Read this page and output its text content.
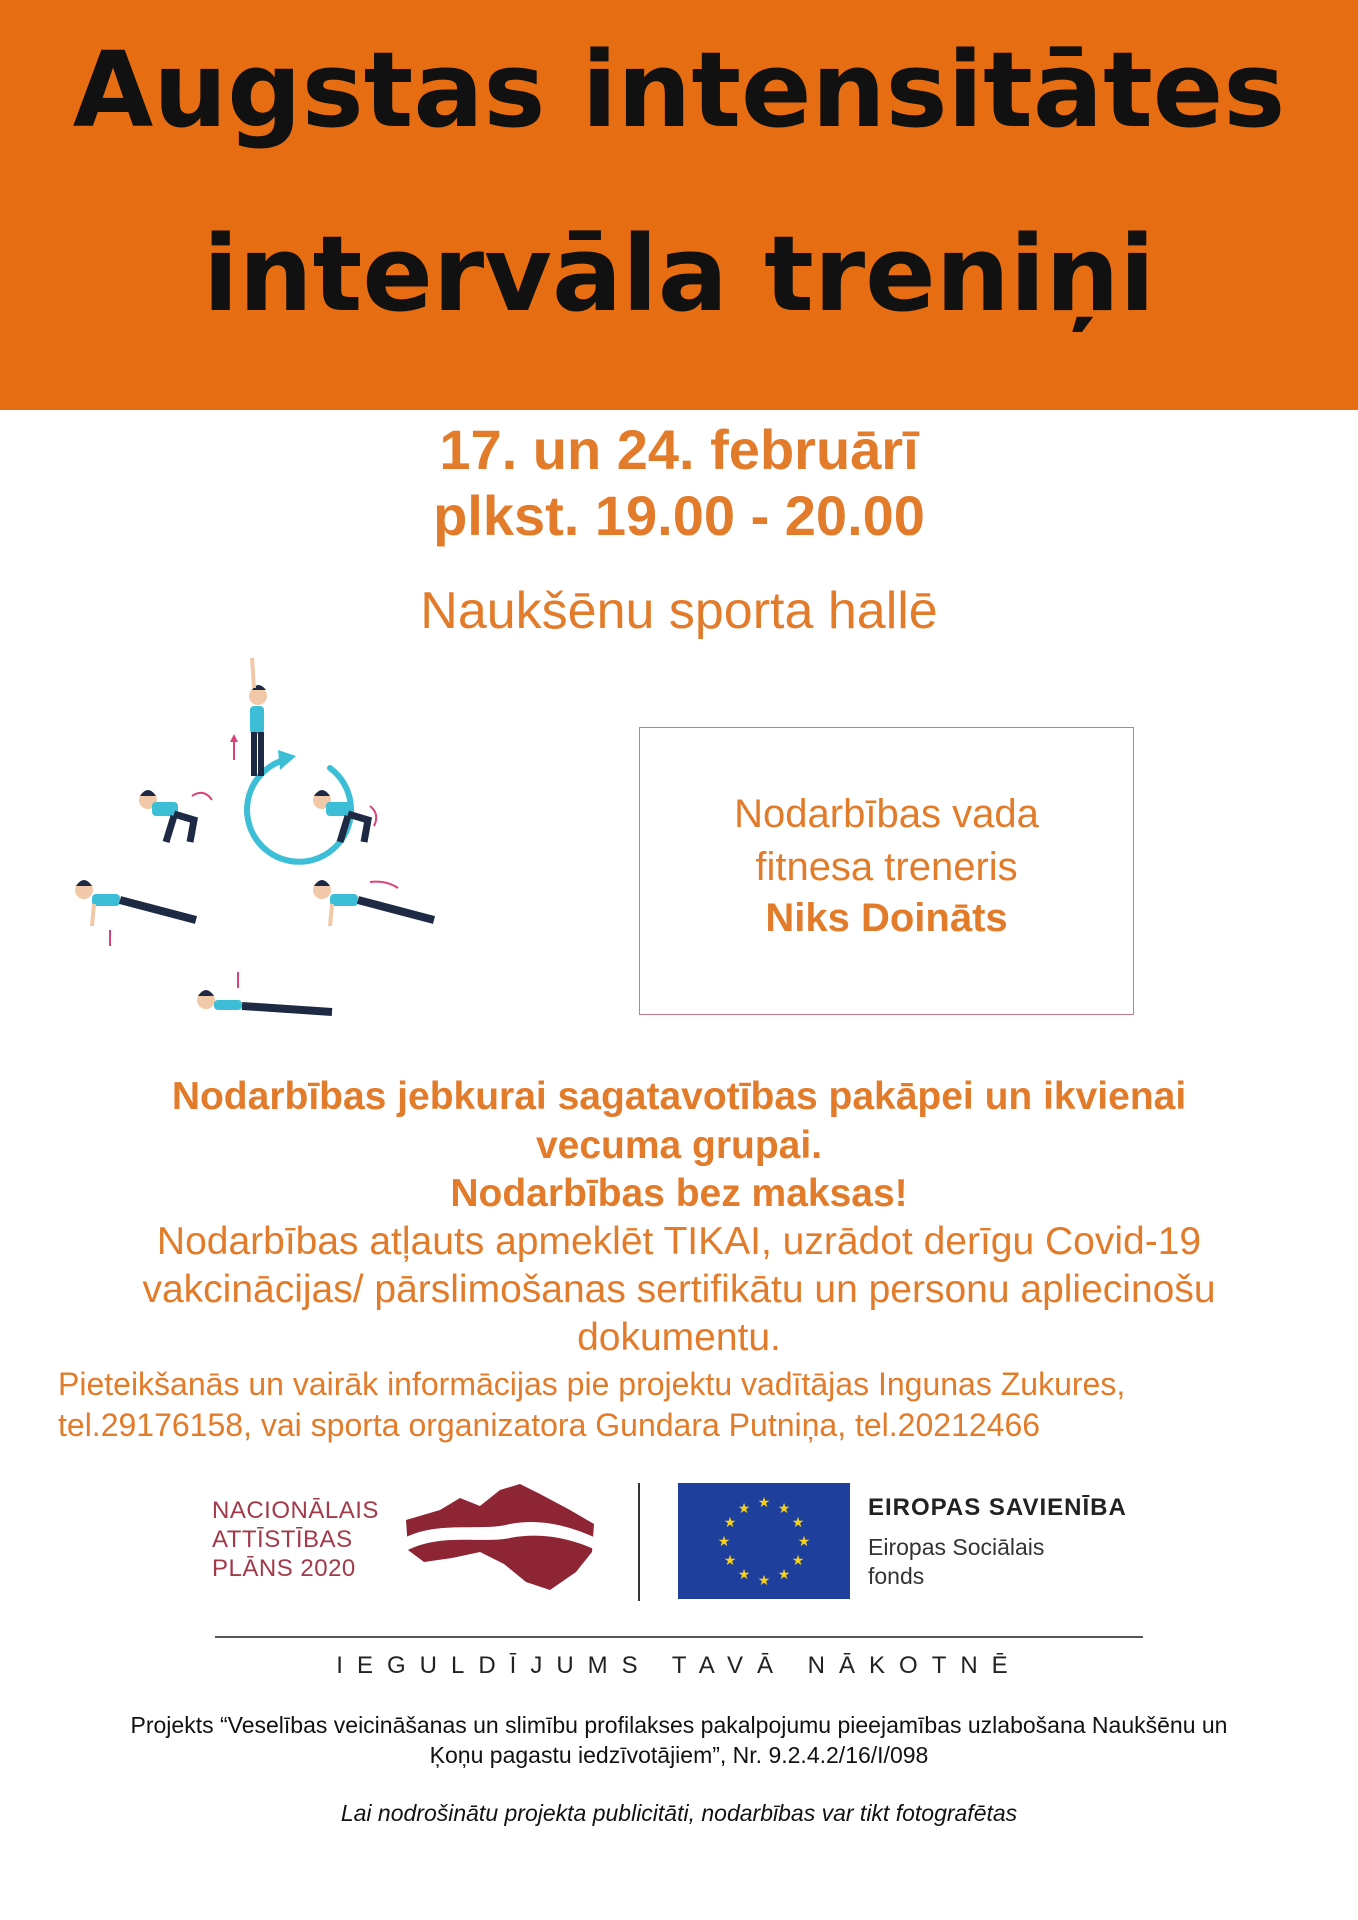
Augstas intensitātes
intervāla treniņi
17. un 24. februārī
plkst. 19.00 - 20.00
Naukšēnu sporta hallē
Nodarbības vada
fitnesa treneris
Niks Doināts
Nodarbības jebkurai sagatavotības pakāpei un ikvienai
vecuma grupai.
Nodarbības bez maksas!
Nodarbības atļauts apmeklēt TIKAI, uzrādot derīgu Covid-19
vakcinācijas/ pārslimošanas sertifikātu un personu apliecinošu
dokumentu.
Pieteikšanās un vairāk informācijas pie projektu vadītājas Ingunas Zukures,
tel.29176158, vai sporta organizatora Gundara Putniņa, tel.20212466
NACIONĀLAIS
ATTĪSTĪBAS
PLĀNS 2020
★ ★
★
★
★
★
★
★
★
★
★
★	EIROPAS SAVIENĪBA
Eiropas Sociālais
fonds
IEGULDĪJUMS TAVĀ NĀKOTNĒ
Projekts “Veselības veicināšanas un slimību profilakses pakalpojumu pieejamības uzlabošana Naukšēnu un
Ķoņu pagastu iedzīvotājiem”, Nr. 9.2.4.2/16/I/098
Lai nodrošinātu projekta publicitāti, nodarbības var tikt fotografētas
